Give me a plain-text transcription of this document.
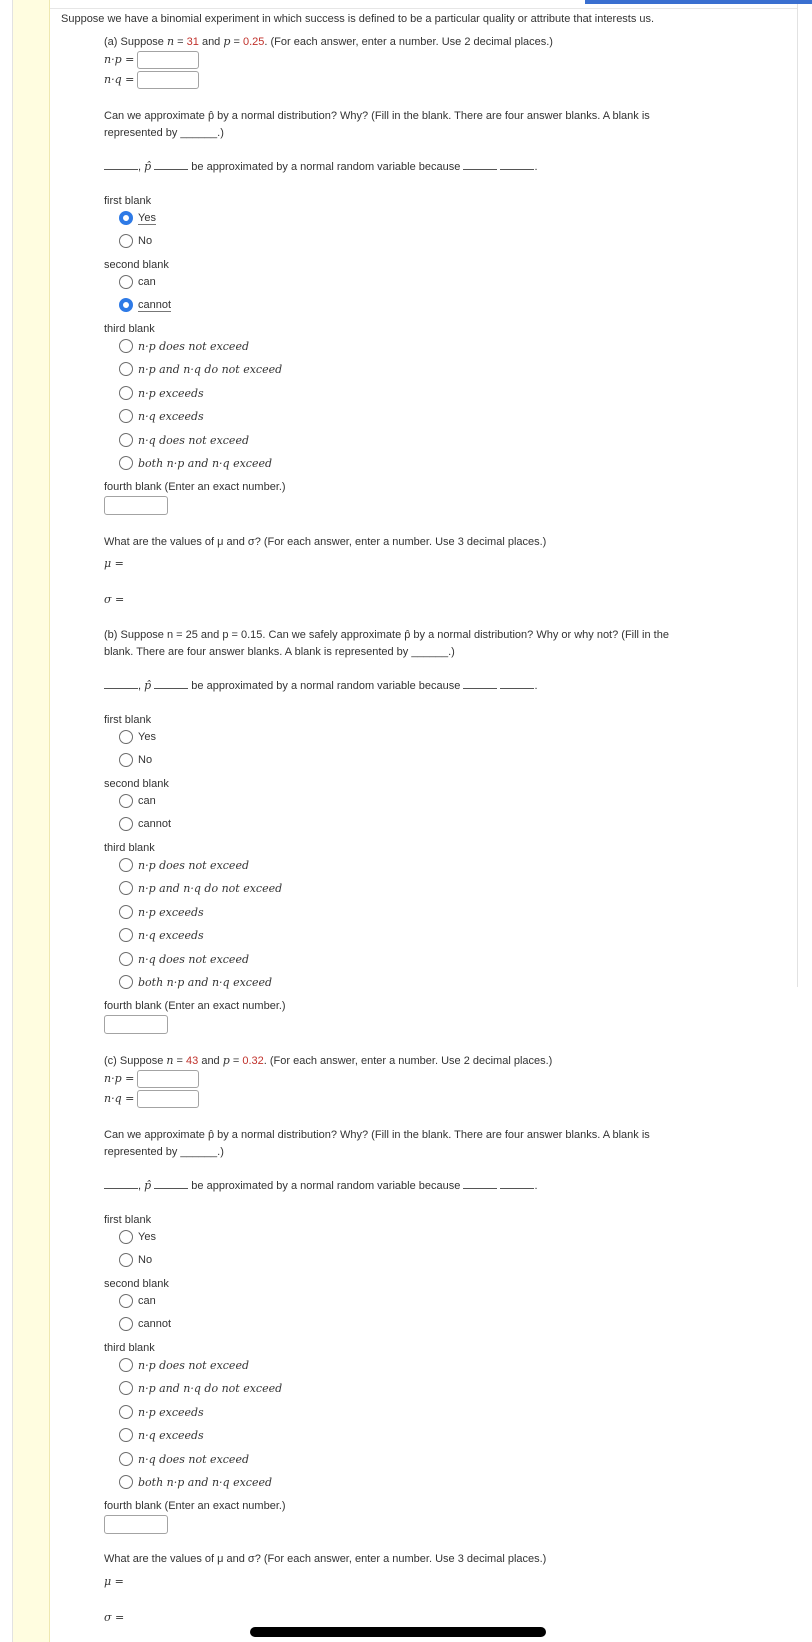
Suppose we have a binomial experiment in which success is defined to be a particular quality or attribute that interests us.
(a) Suppose n = 31 and p = 0.25. (For each answer, enter a number. Use 2 decimal places.)
n·p =
n·q =
Can we approximate p̂ by a normal distribution? Why? (Fill in the blank. There are four answer blanks. A blank is
represented by ______.)
, p̂	be approximated by a normal random variable because	.
first blank
Yes
No
second blank
can
cannot
third blank
n·p does not exceed
n·p and n·q do not exceed
n·p exceeds
n·q exceeds
n·q does not exceed
both n·p and n·q exceed
fourth blank (Enter an exact number.)
What are the values of μ and σ? (For each answer, enter a number. Use 3 decimal places.)
μ =
σ =
(b) Suppose n = 25 and p = 0.15. Can we safely approximate p̂ by a normal distribution? Why or why not? (Fill in the
blank. There are four answer blanks. A blank is represented by ______.)
, p̂	be approximated by a normal random variable because	.
first blank
Yes
No
second blank
can
cannot
third blank
n·p does not exceed
n·p and n·q do not exceed
n·p exceeds
n·q exceeds
n·q does not exceed
both n·p and n·q exceed
fourth blank (Enter an exact number.)
(c) Suppose n = 43 and p = 0.32. (For each answer, enter a number. Use 2 decimal places.)
n·p =
n·q =
Can we approximate p̂ by a normal distribution? Why? (Fill in the blank. There are four answer blanks. A blank is
represented by ______.)
, p̂	be approximated by a normal random variable because	.
first blank
Yes
No
second blank
can
cannot
third blank
n·p does not exceed
n·p and n·q do not exceed
n·p exceeds
n·q exceeds
n·q does not exceed
both n·p and n·q exceed
fourth blank (Enter an exact number.)
What are the values of μ and σ? (For each answer, enter a number. Use 3 decimal places.)
μ =
σ =
